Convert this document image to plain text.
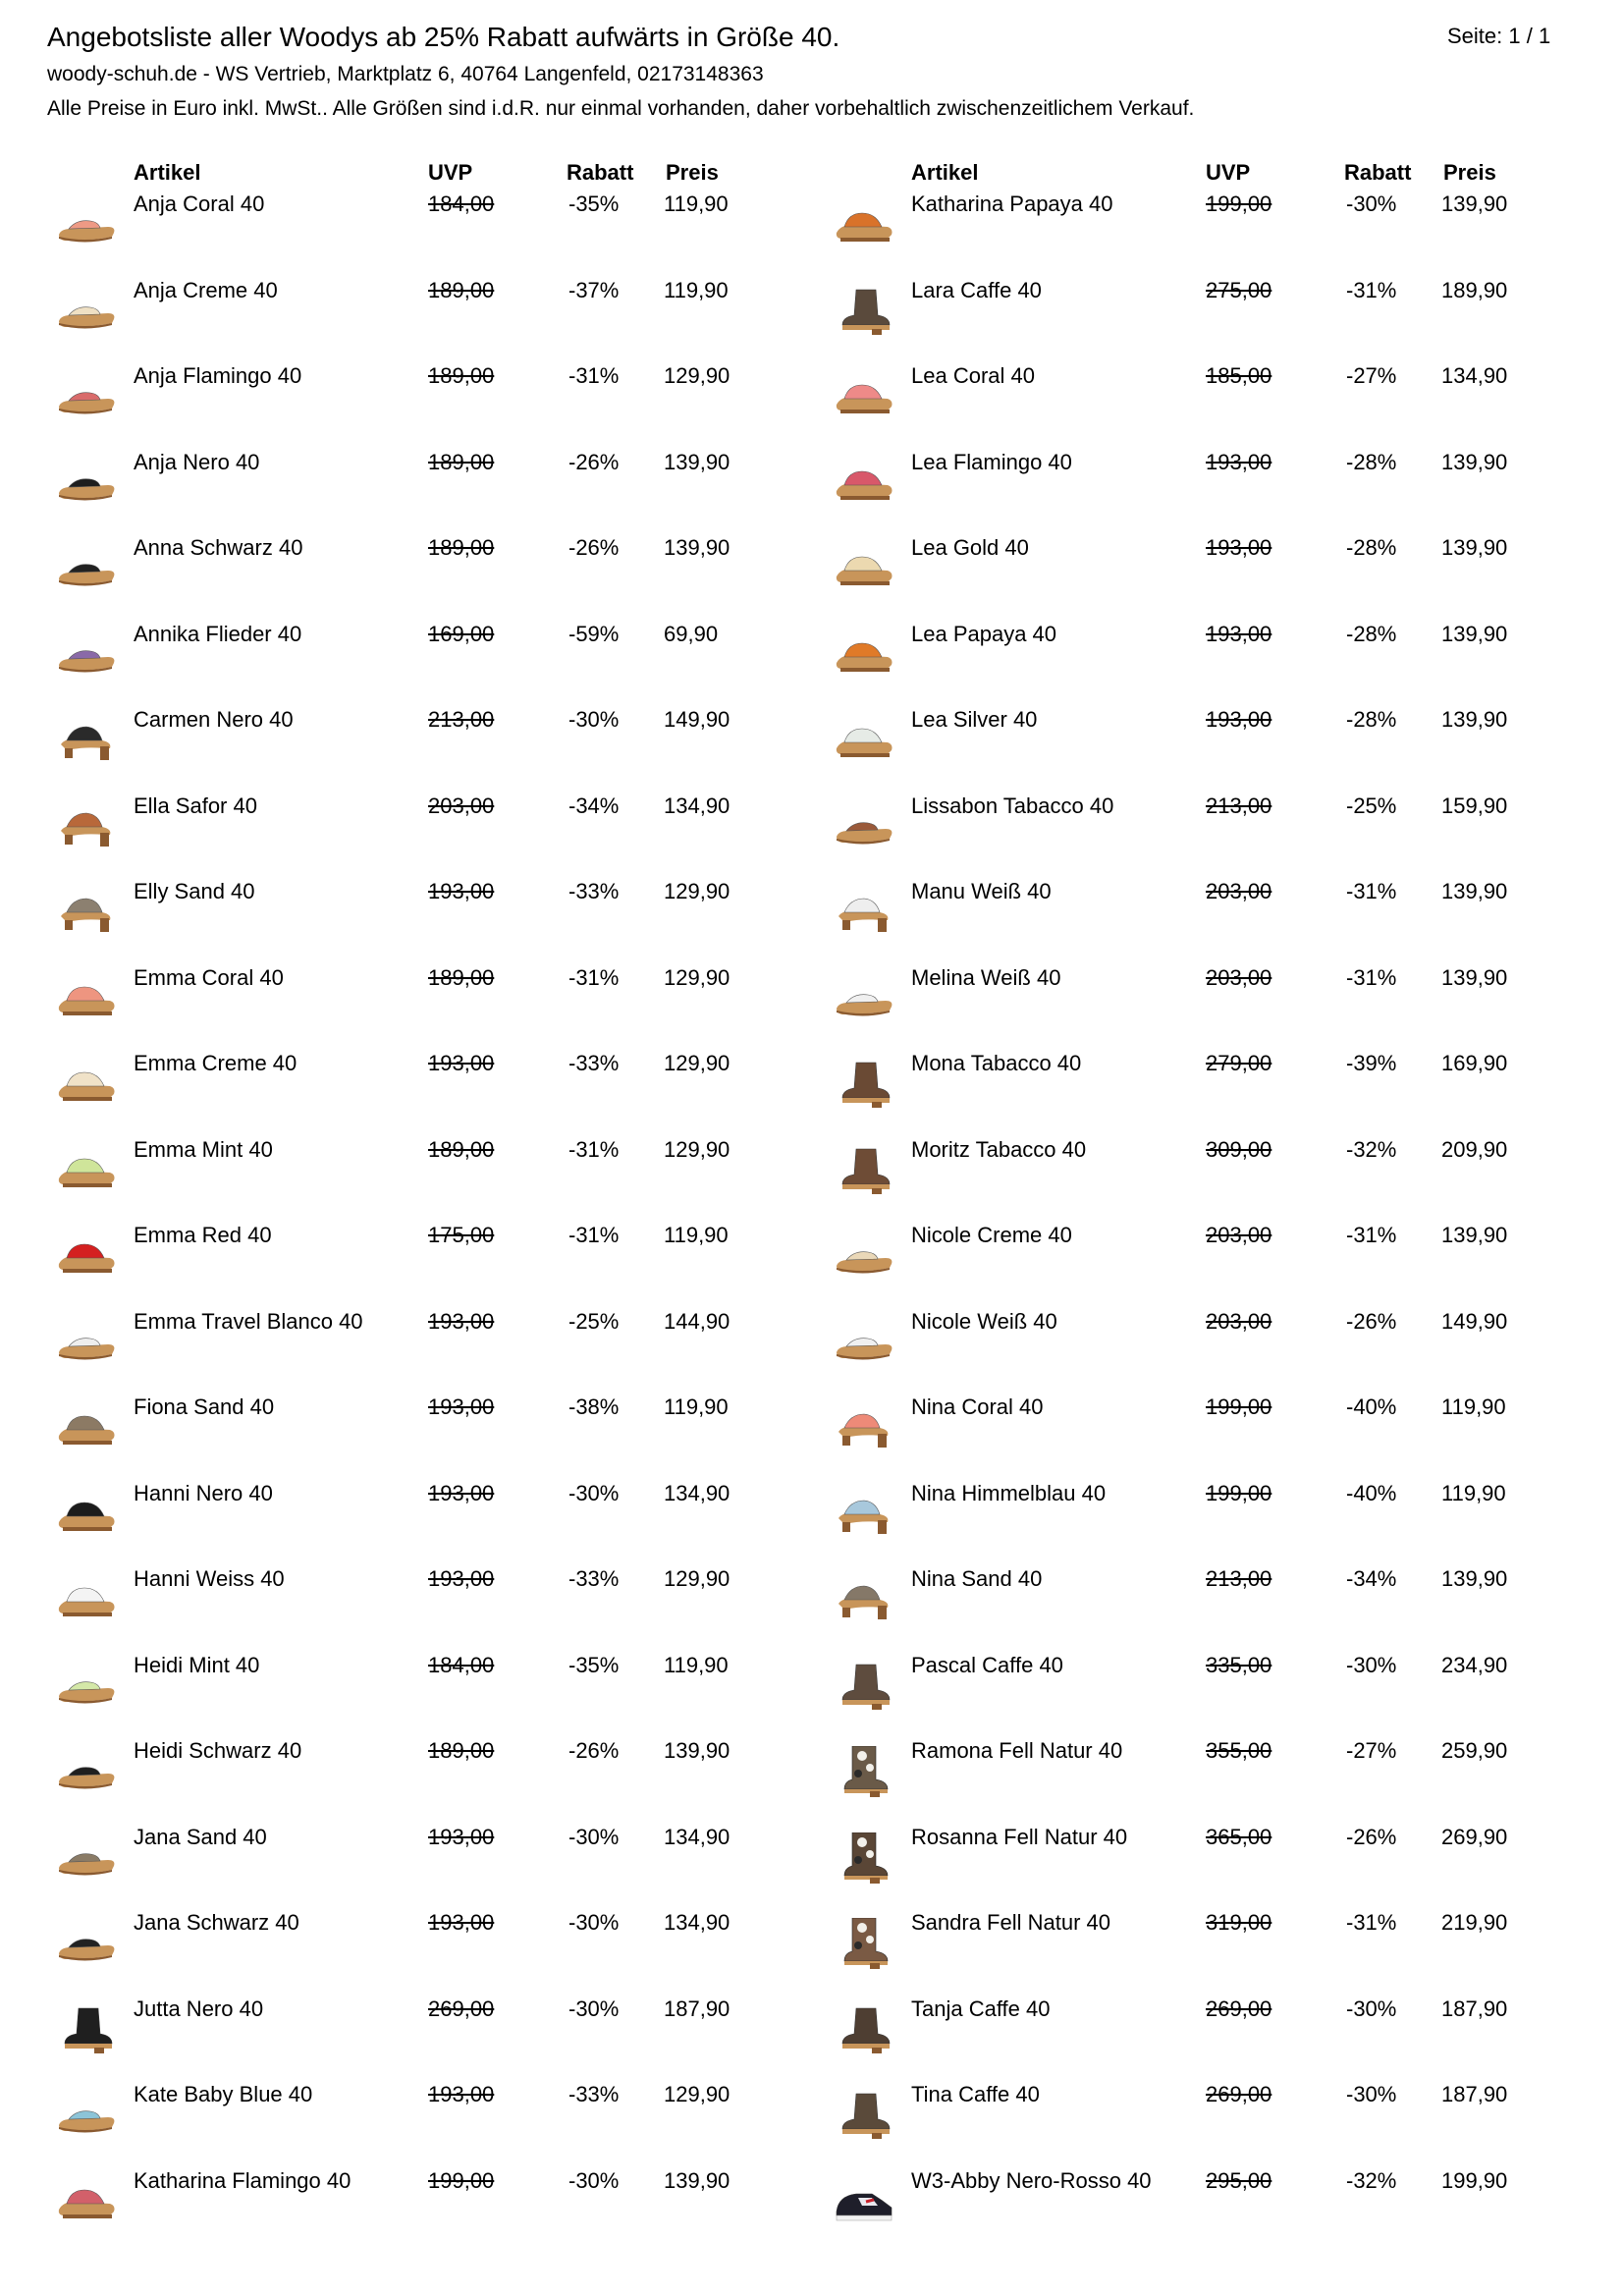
Angebotsliste aller Woodys ab 25% Rabatt aufwärts in Größe 40.	Seite: 1 / 1
woody-schuh.de - WS Vertrieb, Marktplatz 6, 40764 Langenfeld, 02173148363
Alle Preise in Euro inkl. MwSt.. Alle Größen sind i.d.R. nur einmal vorhanden, daher vorbehaltlich zwischenzeitlichem Verkauf.
Artikel	UVP	Rabatt Preis
Anja Coral 40	184,00	-35% 119,90
Anja Creme 40	189,00	-37% 119,90
Anja Flamingo 40	189,00	-31% 129,90
Anja Nero 40	189,00	-26% 139,90
Anna Schwarz 40	189,00	-26% 139,90
Annika Flieder 40	169,00	-59% 69,90
Carmen Nero 40	213,00	-30% 149,90
Ella Safor 40	203,00	-34% 134,90
Elly Sand 40	193,00	-33% 129,90
Emma Coral 40	189,00	-31% 129,90
Emma Creme 40	193,00	-33% 129,90
Emma Mint 40	189,00	-31% 129,90
Emma Red 40	175,00	-31% 119,90
Emma Travel Blanco 40	193,00	-25% 144,90
Fiona Sand 40	193,00	-38% 119,90
Hanni Nero 40	193,00	-30% 134,90
Hanni Weiss 40	193,00	-33% 129,90
Heidi Mint 40	184,00	-35% 119,90
Heidi Schwarz 40	189,00	-26% 139,90
Jana Sand 40	193,00	-30% 134,90
Jana Schwarz 40	193,00	-30% 134,90
Jutta Nero 40	269,00	-30% 187,90
Kate Baby Blue 40	193,00	-33% 129,90
Katharina Flamingo 40	199,00	-30% 139,90
Artikel	UVP	Rabatt Preis
Katharina Papaya 40	199,00	-30% 139,90
Lara Caffe 40	275,00	-31% 189,90
Lea Coral 40	185,00	-27% 134,90
Lea Flamingo 40	193,00	-28% 139,90
Lea Gold 40	193,00	-28% 139,90
Lea Papaya 40	193,00	-28% 139,90
Lea Silver 40	193,00	-28% 139,90
Lissabon Tabacco 40	213,00	-25% 159,90
Manu Weiß 40	203,00	-31% 139,90
Melina Weiß 40	203,00	-31% 139,90
Mona Tabacco 40	279,00	-39% 169,90
Moritz Tabacco 40	309,00	-32% 209,90
Nicole Creme 40	203,00	-31% 139,90
Nicole Weiß 40	203,00	-26% 149,90
Nina Coral 40	199,00	-40% 119,90
Nina Himmelblau 40	199,00	-40% 119,90
Nina Sand 40	213,00	-34% 139,90
Pascal Caffe 40	335,00	-30% 234,90
Ramona Fell Natur 40	355,00	-27% 259,90
Rosanna Fell Natur 40	365,00	-26% 269,90
Sandra Fell Natur 40	319,00	-31% 219,90
Tanja Caffe 40	269,00	-30% 187,90
Tina Caffe 40	269,00	-30% 187,90
W3-Abby Nero-Rosso 40	295,00	-32% 199,90
